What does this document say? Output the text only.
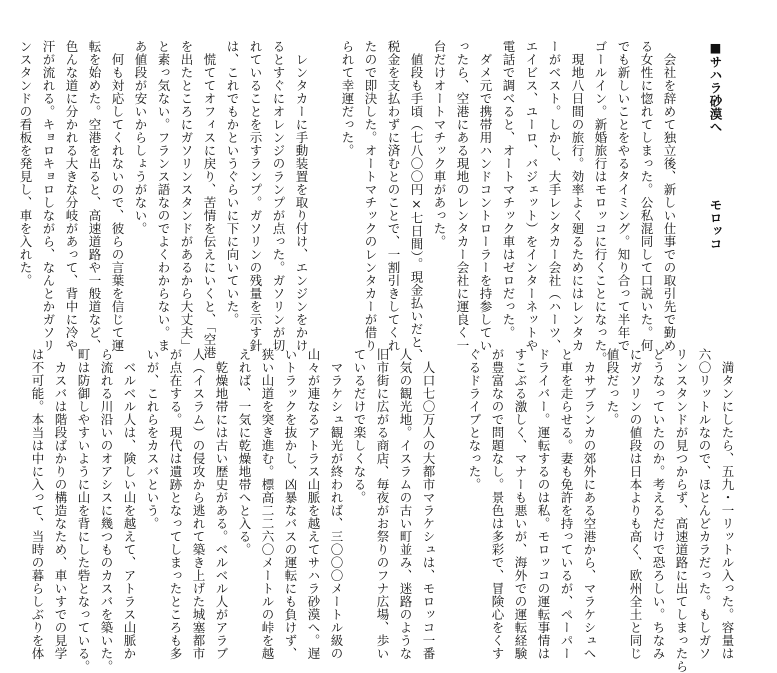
■サハラ砂漠へ　　　　　モロッコ

　会社を辞めて独立後、新しい仕事での取引先で勤め
る女性に惚れてしまった。公私混同して口説いた。何
でも新しいことをやるタイミング。知り合って半年で
ゴールイン。新婚旅行はモロッコに行くことになった。
　現地八日間の旅行。効率よく廻るためにはレンタカ
ーがベスト。しかし、大手レンタカー会社（ハーツ、
エイビス、ユーロ、バジェット）をインターネットや
電話で調べると、オートマチック車はゼロだった。
　ダメ元で携帯用ハンドコントローラーを持参してい
ったら、空港にある現地のレンタカー会社に運良く一
台だけオートマチック車があった。
　値段も手頃（七八〇〇円×七日間）。現金払いだと、
税金を支払わずに済むとのことで、一割引きしてくれ
たので即決した。オートマチックのレンタカーが借り
られて幸運だった。

　レンタカーに手動装置を取り付け、エンジンをかけ
るとすぐにオレンジのランプが点った。ガソリンが切
れていることを示すランプ。ガソリンの残量を示す針
は、これでもかというぐらいに下に向いていた。
　慌ててオフィスに戻り、苦情を伝えにいくと、「空港
を出たところにガソリンスタンドがあるから大丈夫」
と素っ気ない。フランス語なのでよくわからない。ま
あ値段が安いからしょうがない。
　何も対応してくれないので、彼らの言葉を信じて運
転を始めた。空港を出ると、高速道路や一般道など、
色んな道に分かれる大きな分岐があって、背中に冷や
汗が流れる。キョロキョロしながら、なんとかガソリ
ンスタンドの看板を発見し、車を入れた。
　満タンにしたら、五九・一リットル入った。容量は
六〇リットルなので、ほとんどカラだった。もしガソ
リンスタンドが見つからず、高速道路に出てしまったら
どうなっていたのか。考えるだけで恐ろしい。ちなみ
にガソリンの値段は日本よりも高く、欧州全土と同じ
値段だった。
　カサブランカの郊外にある空港から、マラケシュへ
と車を走らせる。妻も免許を持っているが、ペーパー
ドライバー。運転するのは私。モロッコの運転事情は
すこぶる激しく、マナーも悪いが、海外での運転経験
が豊富なので問題なし。景色は多彩で、冒険心をくす
ぐるドライブとなった。

　人口七〇万人の大都市マラケシュは、モロッコ一番
人気の観光地。イスラムの古い町並み、迷路のような
旧市街に広がる商店、毎夜がお祭りのフナ広場、歩い
ているだけで楽しくなる。
　マラケシュ観光が終われば、三〇〇〇メートル級の
山々が連なるアトラス山脈を越えてサハラ砂漠へ。遅
いトラックを抜かし、凶暴なバスの運転にも負けず、
狭い山道を突き進む。標高二二六〇メートルの峠を越
えれば、一気に乾燥地帯へと入る。
　乾燥地帯には古い歴史がある。ベルベル人がアラブ
人（イスラム）の侵攻から逃れて築き上げた城塞都市
が点在する。現代は遺跡となってしまったところも多
いが、これらをカスバという。
　ベルベル人は、険しい山を越えて、アトラス山脈か
ら流れる川沿いのオアシスに幾つものカスバを築いた。
町は防御しやすいように山を背にした砦となっている。
　カスバは階段ばかりの構造なため、車いすでの見学
は不可能。本当は中に入って、当時の暮らしぶりを体
